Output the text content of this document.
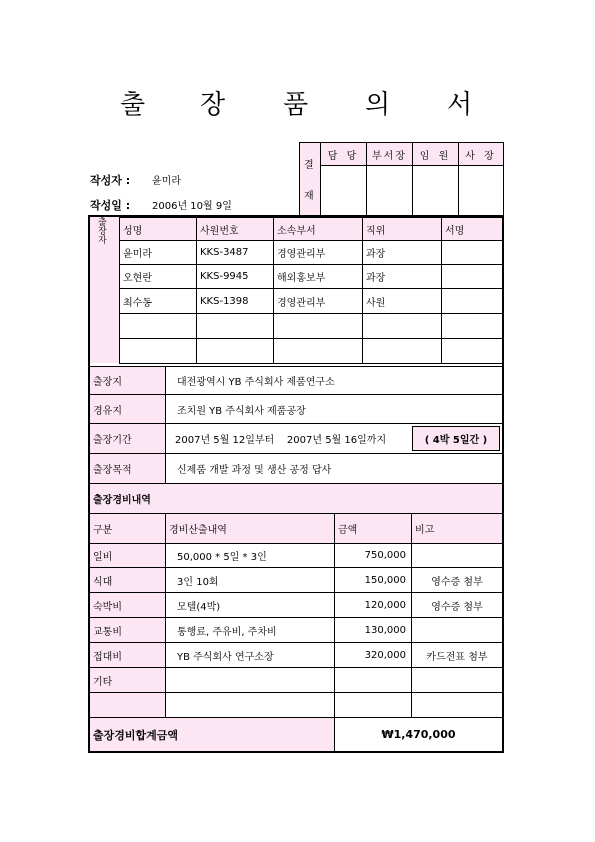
출 장 품 의 서
작성자 : 윤미라
작성일 : 2006년 10월 9일
결
재
담 당	부서장	임 원	사 장
출장자
성명	사원번호	소속부서	직위	서명
윤미라	KKS-3487	경영관리부	과장
오현란	KKS-9945	해외홍보부	과장
최수동	KKS-1398	경영관리부	사원
출장지	대전광역시 YB 주식회사 제품연구소
경유지	조치원 YB 주식회사 제품공장
출장기간	2007년 5월 12일부터    2007년 5월 16일까지	( 4박 5일간 )
출장목적	신제품 개발 과정 및 생산 공정 답사
출장경비내역
구분	경비산출내역	금액	비고
일비	50,000 * 5일 * 3인	750,000
식대	3인 10회	150,000	영수증 첨부
숙박비	모텔(4박)	120,000	영수증 첨부
교통비	통행료, 주유비, 주차비	130,000
접대비	YB 주식회사 연구소장	320,000	카드전표 첨부
기타
출장경비합계금액	₩1,470,000
